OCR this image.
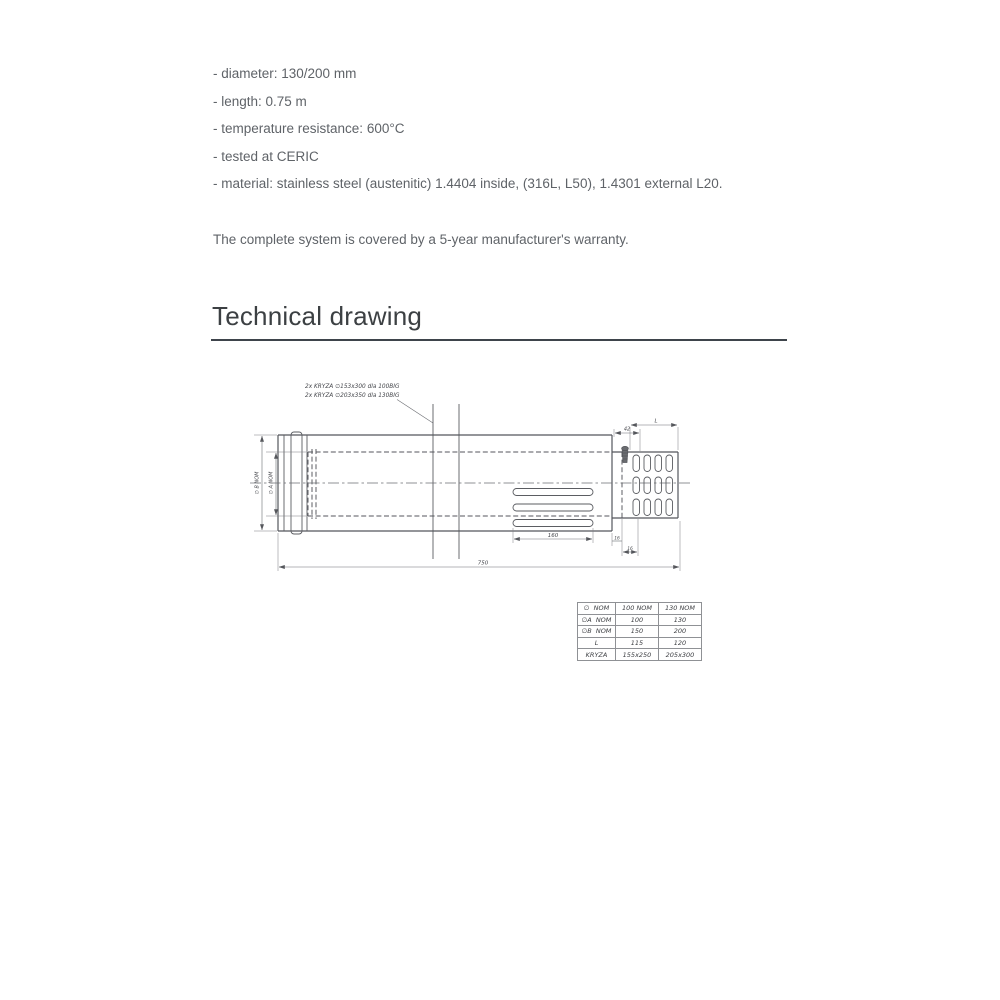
- diameter: 130/200 mm
- length: 0.75 m
- temperature resistance: 600°C
- tested at CERIC
- material: stainless steel (austenitic) 1.4404 inside, (316L, L50), 1.4301 external L20.
The complete system is covered by a 5-year manufacturer's warranty.
Technical drawing
2x KRYZA ∅153x300 dla 100BIG
2x KRYZA ∅203x350 dla 130BIG
∅ B NOM ∅ A NOM
160
L
42
16
16
750
∅  NOM	100 NOM	130 NOM
∅A  NOM	100	130
∅B  NOM	150	200
L	115	120
KRYZA	155x250	205x300
